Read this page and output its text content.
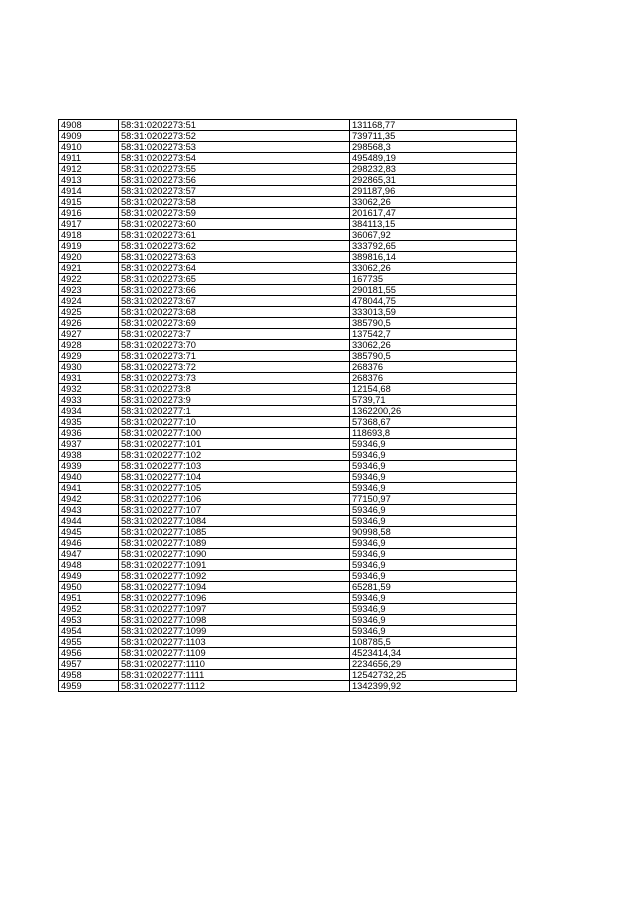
4908	58:31:0202273:51	131168,77
4909	58:31:0202273:52	739711,35
4910	58:31:0202273:53	298568,3
4911	58:31:0202273:54	495489,19
4912	58:31:0202273:55	298232,83
4913	58:31:0202273:56	292865,31
4914	58:31:0202273:57	291187,96
4915	58:31:0202273:58	33062,26
4916	58:31:0202273:59	201617,47
4917	58:31:0202273:60	384113,15
4918	58:31:0202273:61	36067,92
4919	58:31:0202273:62	333792,65
4920	58:31:0202273:63	389816,14
4921	58:31:0202273:64	33062,26
4922	58:31:0202273:65	167735
4923	58:31:0202273:66	290181,55
4924	58:31:0202273:67	478044,75
4925	58:31:0202273:68	333013,59
4926	58:31:0202273:69	385790,5
4927	58:31:0202273:7	137542,7
4928	58:31:0202273:70	33062,26
4929	58:31:0202273:71	385790,5
4930	58:31:0202273:72	268376
4931	58:31:0202273:73	268376
4932	58:31:0202273:8	12154,68
4933	58:31:0202273:9	5739,71
4934	58:31:0202277:1	1362200,26
4935	58:31:0202277:10	57368,67
4936	58:31:0202277:100	118693,8
4937	58:31:0202277:101	59346,9
4938	58:31:0202277:102	59346,9
4939	58:31:0202277:103	59346,9
4940	58:31:0202277:104	59346,9
4941	58:31:0202277:105	59346,9
4942	58:31:0202277:106	77150,97
4943	58:31:0202277:107	59346,9
4944	58:31:0202277:1084	59346,9
4945	58:31:0202277:1085	90998,58
4946	58:31:0202277:1089	59346,9
4947	58:31:0202277:1090	59346,9
4948	58:31:0202277:1091	59346,9
4949	58:31:0202277:1092	59346,9
4950	58:31:0202277:1094	65281,59
4951	58:31:0202277:1096	59346,9
4952	58:31:0202277:1097	59346,9
4953	58:31:0202277:1098	59346,9
4954	58:31:0202277:1099	59346,9
4955	58:31:0202277:1103	108785,5
4956	58:31:0202277:1109	4523414,34
4957	58:31:0202277:1110	2234656,29
4958	58:31:0202277:1111	12542732,25
4959	58:31:0202277:1112	1342399,92
